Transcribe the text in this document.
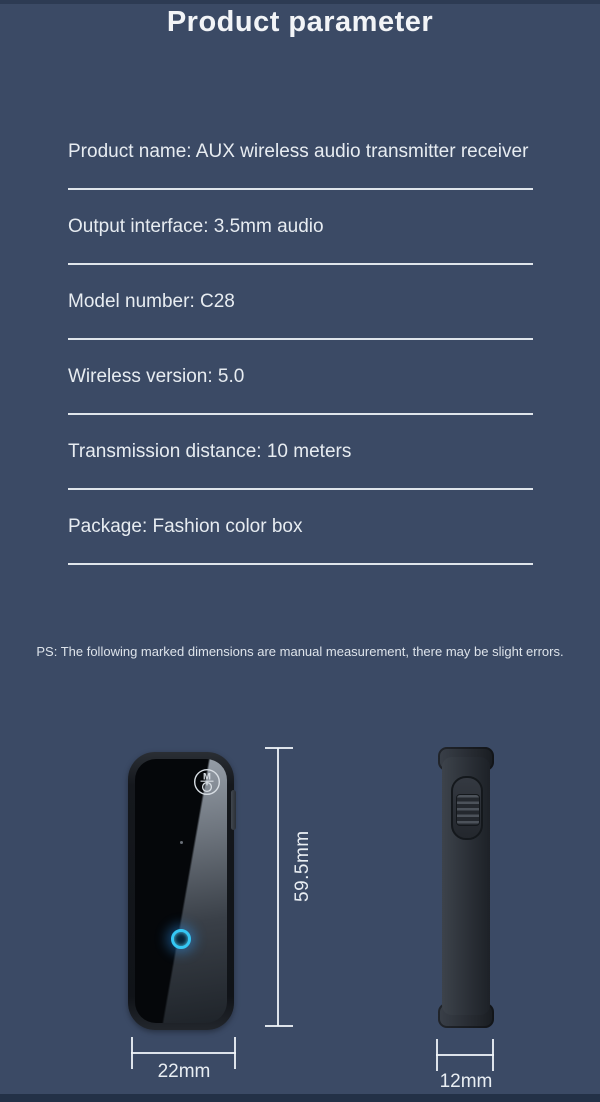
Product parameter
Product name: AUX wireless audio transmitter receiver
Output interface: 3.5mm audio
Model number: C28
Wireless version: 5.0
Transmission distance: 10 meters
Package: Fashion color box
PS: The following marked dimensions are manual measurement, there may be slight errors.
M
59.5mm
22mm	12mm
